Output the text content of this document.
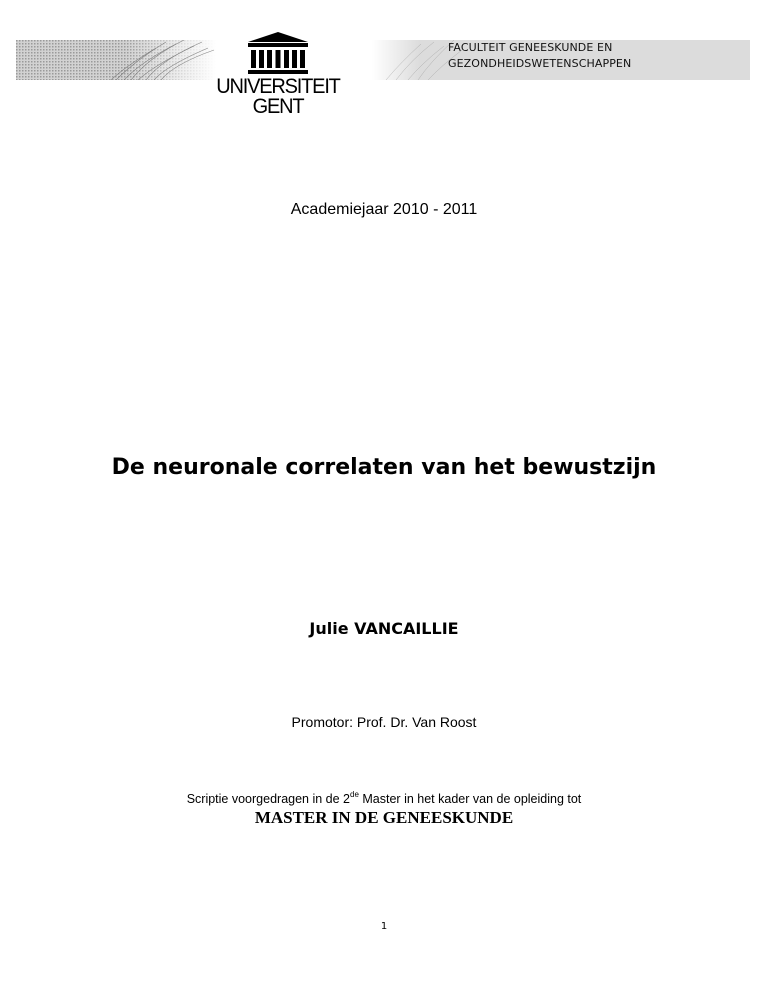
FACULTEIT GENEESKUNDE EN
GEZONDHEIDSWETENSCHAPPEN
UNIVERSITEIT
GENT
Academiejaar 2010 - 2011
De neuronale correlaten van het bewustzijn
Julie VANCAILLIE
Promotor: Prof. Dr. Van Roost
Scriptie voorgedragen in de 2de Master in het kader van de opleiding tot
MASTER IN DE GENEESKUNDE
1
